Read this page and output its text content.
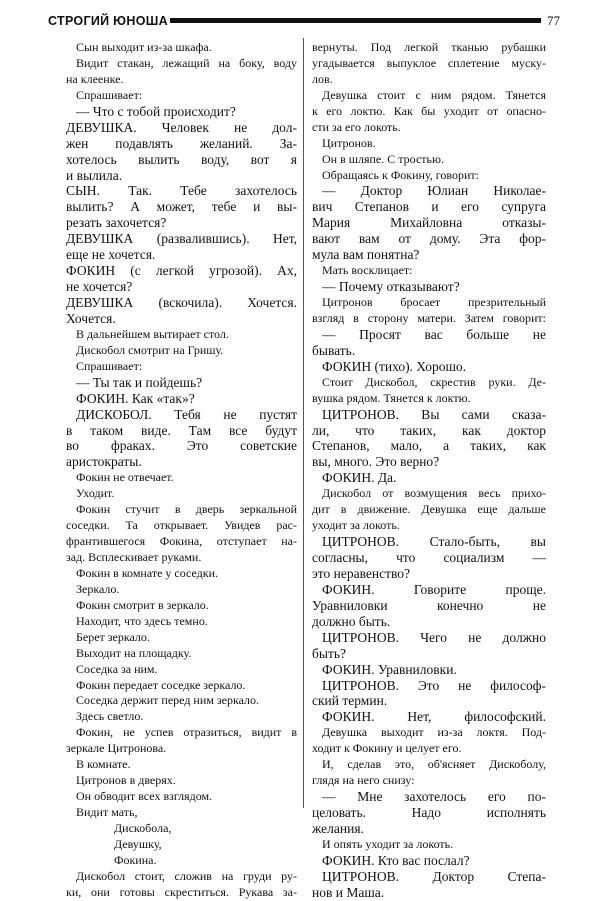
СТРОГИЙ ЮНОША	77
Сын выходит из-за шкафа.
Видит стакан, лежащий на боку, воду
на клеенке.
Спрашивает:
— Что с тобой происходит?
ДЕВУШКА. Человек не дол-
жен подавлять желаний. За-
хотелось вылить воду, вот я
и вылила.
СЫН. Так. Тебе захотелось
вылить? А может, тебе и вы-
резать захочется?
ДЕВУШКА (развалившись). Нет,
еще не хочется.
ФОКИН (с легкой угрозой). Ах,
не хочется?
ДЕВУШКА (вскочила). Хочется.
Хочется.
В дальнейшем вытирает стол.
Дискобол смотрит на Гришу.
Спрашивает:
— Ты так и пойдешь?
ФОКИН. Как «так»?
ДИСКОБОЛ. Тебя не пустят
в таком виде. Там все будут
во фраках. Это советские
аристократы.
Фокин не отвечает.
Уходит.
Фокин стучит в дверь зеркальной
соседки. Та открывает. Увидев рас-
франтившегося Фокина, отступает на-
зад. Всплескивает руками.
Фокин в комнате у соседки.
Зеркало.
Фокин смотрит в зеркало.
Находит, что здесь темно.
Берет зеркало.
Выходит на площадку.
Соседка за ним.
Фокин передает соседке зеркало.
Соседка держит перед ним зеркало.
Здесь светло.
Фокин, не успев отразиться, видит в
зеркале Цитронова.
В комнате.
Цитронов в дверях.
Он обводит всех взглядом.
Видит мать,
Дискобола,
Девушку,
Фокина.
Дискобол стоит, сложив на груди ру-
ки, они готовы скреститься. Рукава за-
вернуты. Под легкой тканью рубашки
угадывается выпуклое сплетение муску-
лов.
Девушка стоит с ним рядом. Тянется
к его локтю. Как бы уходит от опасно-
сти за его локоть.
Цитронов.
Он в шляпе. С тростью.
Обращаясь к Фокину, говорит:
— Доктор Юлиан Николае-
вич Степанов и его супруга
Мария Михайловна отказы-
вают вам от дому. Эта фор-
мула вам понятна?
Мать восклицает:
— Почему отказывают?
Цитронов бросает презрительный
взгляд в сторону матери. Затем говорит:
— Просят вас больше не
бывать.
ФОКИН (тихо). Хорошо.
Стоит Дискобол, скрестив руки. Де-
вушка рядом. Тянется к локтю.
ЦИТРОНОВ. Вы сами сказа-
ли, что таких, как доктор
Степанов, мало, а таких, как
вы, много. Это верно?
ФОКИН. Да.
Дискобол от возмущения весь прихо-
дит в движение. Девушка еще дальше
уходит за локоть.
ЦИТРОНОВ. Стало-быть, вы
согласны, что социализм —
это неравенство?
ФОКИН. Говорите проще.
Уравниловки конечно не
должно быть.
ЦИТРОНОВ. Чего не должно
быть?
ФОКИН. Уравниловки.
ЦИТРОНОВ. Это не философ-
ский термин.
ФОКИН. Нет, философский.
Девушка выходит из-за локтя. Под-
ходит к Фокину и целует его.
И, сделав это, об'ясняет Дискоболу,
глядя на него снизу:
— Мне захотелось его по-
целовать. Надо исполнять
желания.
И опять уходит за локоть.
ФОКИН. Кто вас послал?
ЦИТРОНОВ. Доктор Степа-
нов и Маша.
